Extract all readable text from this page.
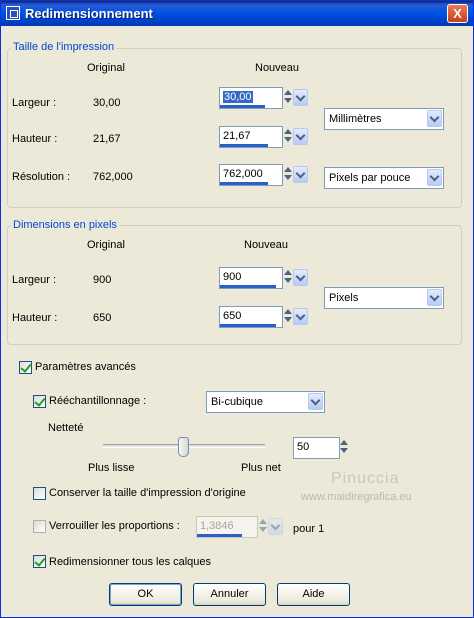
Redimensionnement	X
Taille de l'impression
Original	Nouveau
Largeur :	30,00	30,00
Hauteur :	21,67	21,67
Millimètres
Résolution : 762,000	762,000	Pixels par pouce
Dimensions en pixels
Original	Nouveau
Largeur :	900	900
Hauteur :	650	650
Pixels
Paramètres avancés
Rééchantillonnage :	Bi-cubique
Netteté
Plus lisse	Plus net
50
Pinuccia
www.maidiregrafica.eu
Conserver la taille d'impression d'origine
Verrouiller les proportions : 1,3846	pour 1
Redimensionner tous les calques
OK	Annuler	Aide
